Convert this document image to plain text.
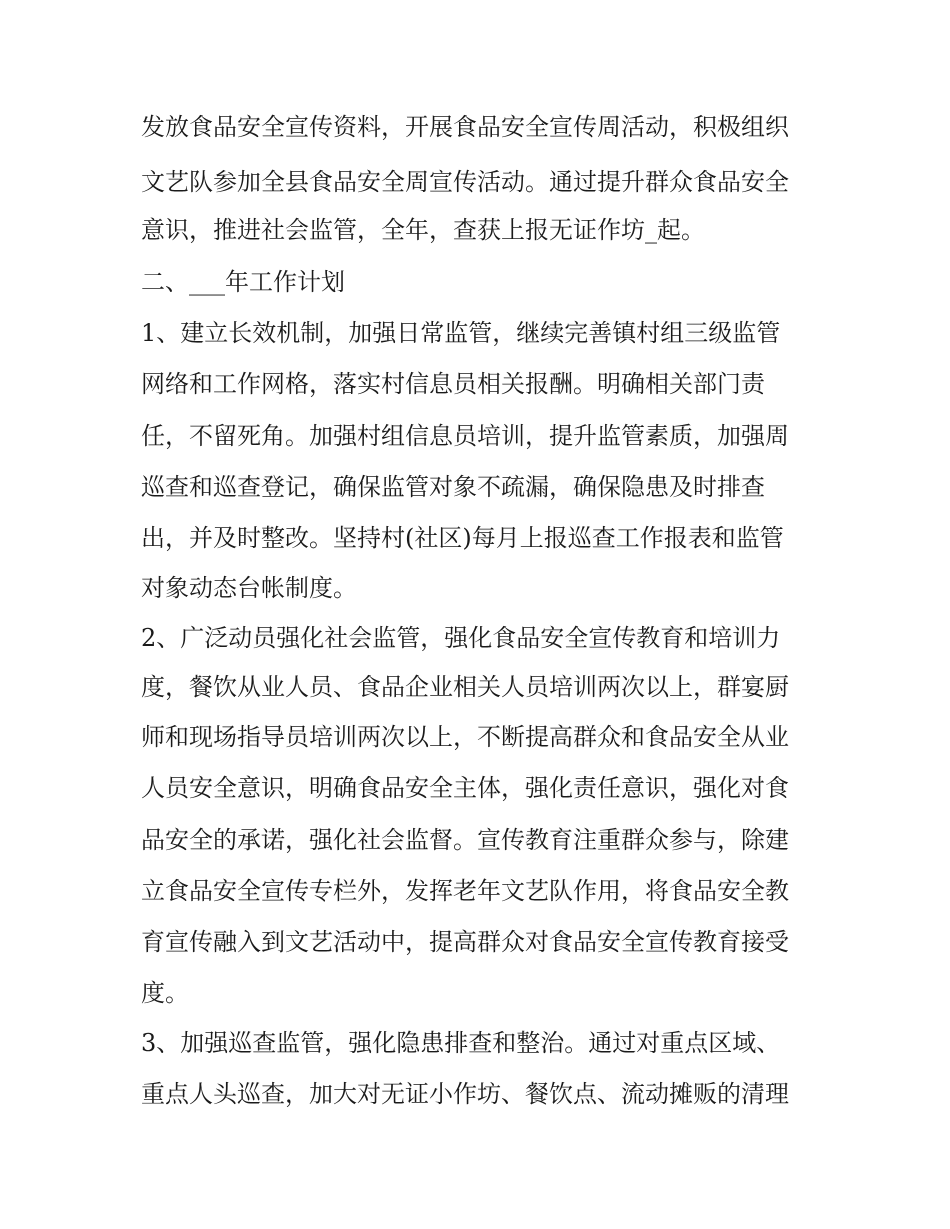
发放食品安全宣传资料，开展食品安全宣传周活动，积极组织
文艺队参加全县食品安全周宣传活动。通过提升群众食品安全
意识，推进社会监管，全年，查获上报无证作坊_起。
二、___年工作计划
1、建立长效机制，加强日常监管，继续完善镇村组三级监管
网络和工作网格，落实村信息员相关报酬。明确相关部门责
任，不留死角。加强村组信息员培训，提升监管素质，加强周
巡查和巡查登记，确保监管对象不疏漏，确保隐患及时排查
出，并及时整改。坚持村(社区)每月上报巡查工作报表和监管
对象动态台帐制度。
2、广泛动员强化社会监管，强化食品安全宣传教育和培训力
度，餐饮从业人员、食品企业相关人员培训两次以上，群宴厨
师和现场指导员培训两次以上，不断提高群众和食品安全从业
人员安全意识，明确食品安全主体，强化责任意识，强化对食
品安全的承诺，强化社会监督。宣传教育注重群众参与，除建
立食品安全宣传专栏外，发挥老年文艺队作用，将食品安全教
育宣传融入到文艺活动中，提高群众对食品安全宣传教育接受
度。
3、加强巡查监管，强化隐患排查和整治。通过对重点区域、
重点人头巡查，加大对无证小作坊、餐饮点、流动摊贩的清理
